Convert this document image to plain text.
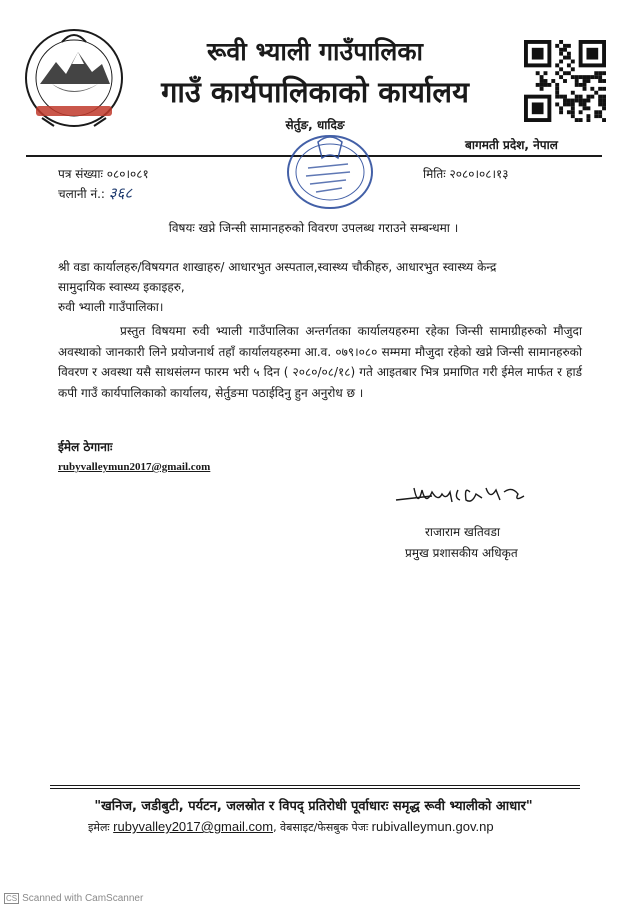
रूवी भ्याली गाउँपालिका
गाउँ कार्यपालिकाको कार्यालय
सेर्तुङ, धादिङ
बागमती प्रदेश, नेपाल
पत्र संख्याः ०८०।०८१
चलानी नं.: ३६८
मितिः २०८०।०८।१३
विषयः खप्ने जिन्सी सामानहरुको विवरण उपलब्ध गराउने सम्बन्धमा ।
श्री वडा कार्यालहरु/विषयगत शाखाहरु/ आधारभुत अस्पताल,स्वास्थ्य चौकीहरु, आधारभुत स्वास्थ्य केन्द्र
सामुदायिक स्वास्थ्य इकाइहरु,
रुवी भ्याली गाउँपालिका।
प्रस्तुत विषयमा रुवी भ्याली गाउँपालिका अन्तर्गतका कार्यालयहरुमा रहेका जिन्सी सामाग्रीहरुको मौजुदा अवस्थाको जानकारी लिने प्रयोजनार्थ तहाँ कार्यालयहरुमा आ.व. ०७९।०८० सम्ममा मौजुदा रहेको खप्ने जिन्सी सामानहरुको विवरण र अवस्था यसै साथसंलग्न फारम भरी ५ दिन ( २०८०/०८/१८) गते आइतबार भित्र प्रमाणित गरी ईमेल मार्फत र हार्ड कपी गाउँ कार्यपालिकाको कार्यालय, सेर्तुङमा पठाईदिनु हुन अनुरोध छ ।
ईमेल ठेगानाः
rubyvalleymun2017@gmail.com
राजाराम खतिवडा
प्रमुख प्रशासकीय अधिकृत
"खनिज, जडीबुटी, पर्यटन, जलस्रोत र विपद् प्रतिरोधी पूर्वाधारः समृद्ध रूवी भ्यालीको आधार"
इमेलः rubyvalley2017@gmail.com, वेबसाइट/फेसबुक पेजः rubivalleymun.gov.np
CS Scanned with CamScanner
